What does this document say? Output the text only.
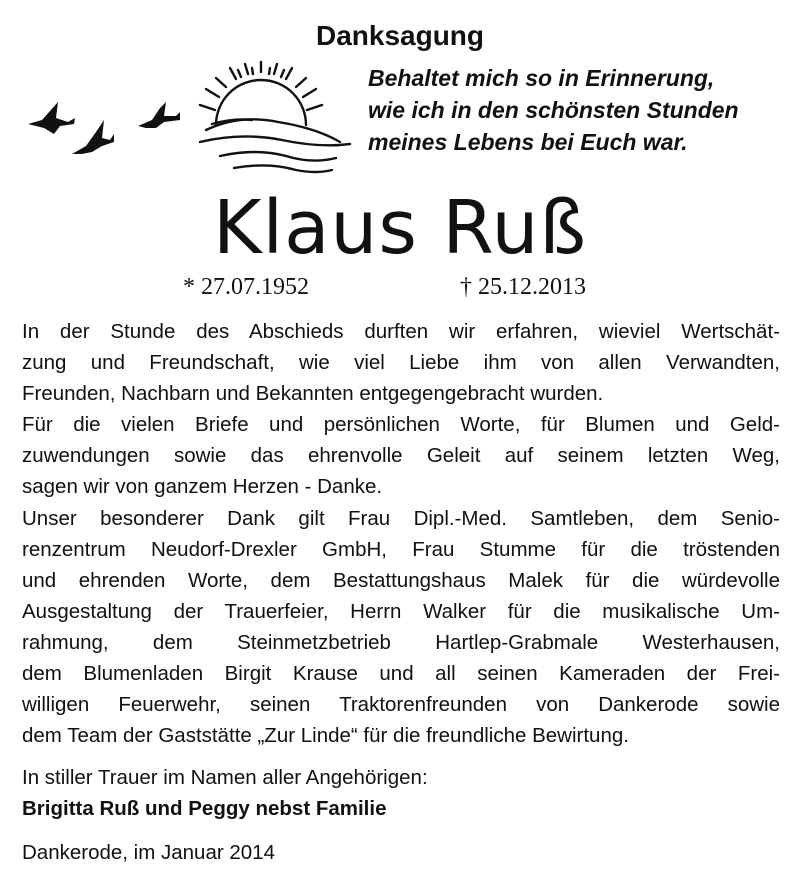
Danksagung
Behaltet mich so in Erinnerung,
wie ich in den schönsten Stunden
meines Lebens bei Euch war.
Klaus Ruß
* 27.07.1952	† 25.12.2013
In der Stunde des Abschieds durften wir erfahren, wieviel Wertschät-
zung und Freundschaft, wie viel Liebe ihm von allen Verwandten,
Freunden, Nachbarn und Bekannten entgegengebracht wurden.
Für die vielen Briefe und persönlichen Worte, für Blumen und Geld-
zuwendungen sowie das ehrenvolle Geleit auf seinem letzten Weg,
sagen wir von ganzem Herzen - Danke.
Unser besonderer Dank gilt Frau Dipl.-Med. Samtleben, dem Senio-
renzentrum Neudorf-Drexler GmbH, Frau Stumme für die tröstenden
und ehrenden Worte, dem Bestattungshaus Malek für die würdevolle
Ausgestaltung der Trauerfeier, Herrn Walker für die musikalische Um-
rahmung, dem Steinmetzbetrieb Hartlep-Grabmale Westerhausen,
dem Blumenladen Birgit Krause und all seinen Kameraden der Frei-
willigen Feuerwehr, seinen Traktorenfreunden von Dankerode sowie
dem Team der Gaststätte „Zur Linde“ für die freundliche Bewirtung.
In stiller Trauer im Namen aller Angehörigen:
Brigitta Ruß und Peggy nebst Familie
Dankerode, im Januar 2014
